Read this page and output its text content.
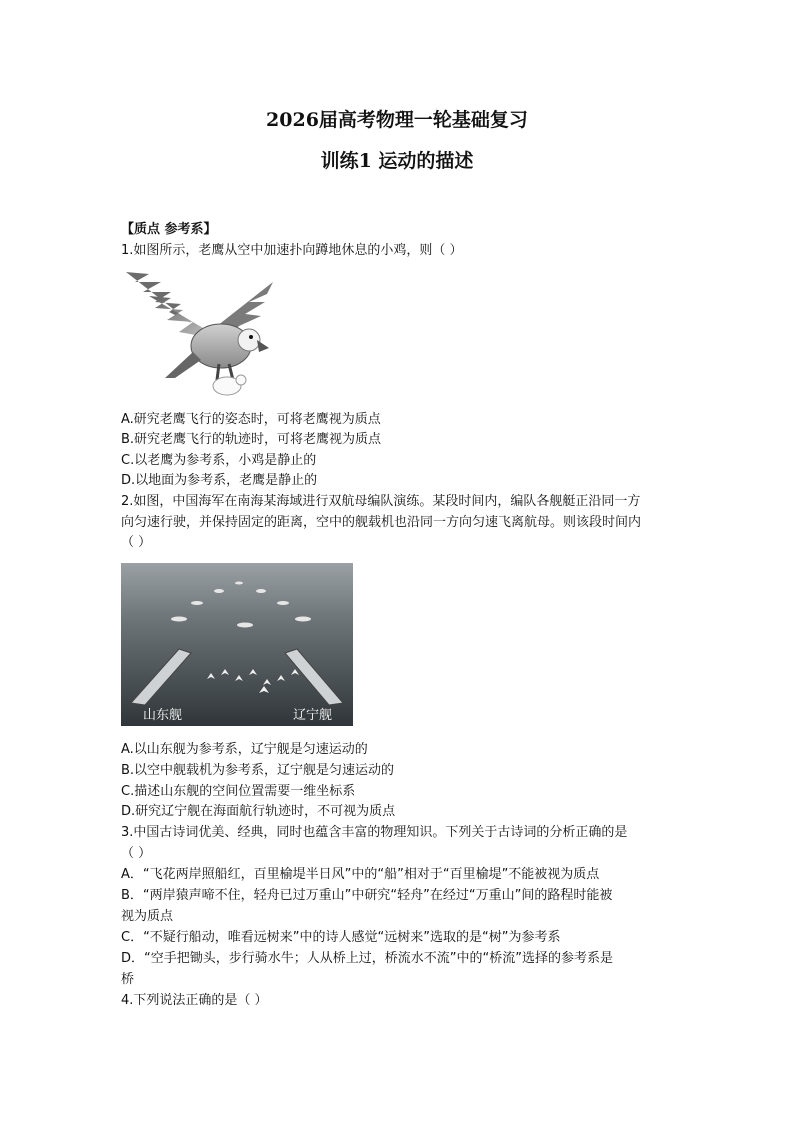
2026届高考物理一轮基础复习
训练1 运动的描述
【质点 参考系】
1.如图所示，老鹰从空中加速扑向蹲地休息的小鸡，则（ ）
A.研究老鹰飞行的姿态时，可将老鹰视为质点
B.研究老鹰飞行的轨迹时，可将老鹰视为质点
C.以老鹰为参考系，小鸡是静止的
D.以地面为参考系，老鹰是静止的
2.如图，中国海军在南海某海域进行双航母编队演练。某段时间内，编队各舰艇正沿同一方
向匀速行驶，并保持固定的距离，空中的舰载机也沿同一方向匀速飞离航母。则该段时间内
（ ）
山东舰	辽宁舰
A.以山东舰为参考系，辽宁舰是匀速运动的
B.以空中舰载机为参考系，辽宁舰是匀速运动的
C.描述山东舰的空间位置需要一维坐标系
D.研究辽宁舰在海面航行轨迹时，不可视为质点
3.中国古诗词优美、经典，同时也蕴含丰富的物理知识。下列关于古诗词的分析正确的是
（ ）
A．“飞花两岸照船红，百里榆堤半日风”中的“船”相对于“百里榆堤”不能被视为质点
B．“两岸猿声啼不住，轻舟已过万重山”中研究“轻舟”在经过“万重山”间的路程时能被
视为质点
C．“不疑行船动，唯看远树来”中的诗人感觉“远树来”选取的是“树”为参考系
D．“空手把锄头，步行骑水牛；人从桥上过，桥流水不流”中的“桥流”选择的参考系是
桥
4.下列说法正确的是（ ）
